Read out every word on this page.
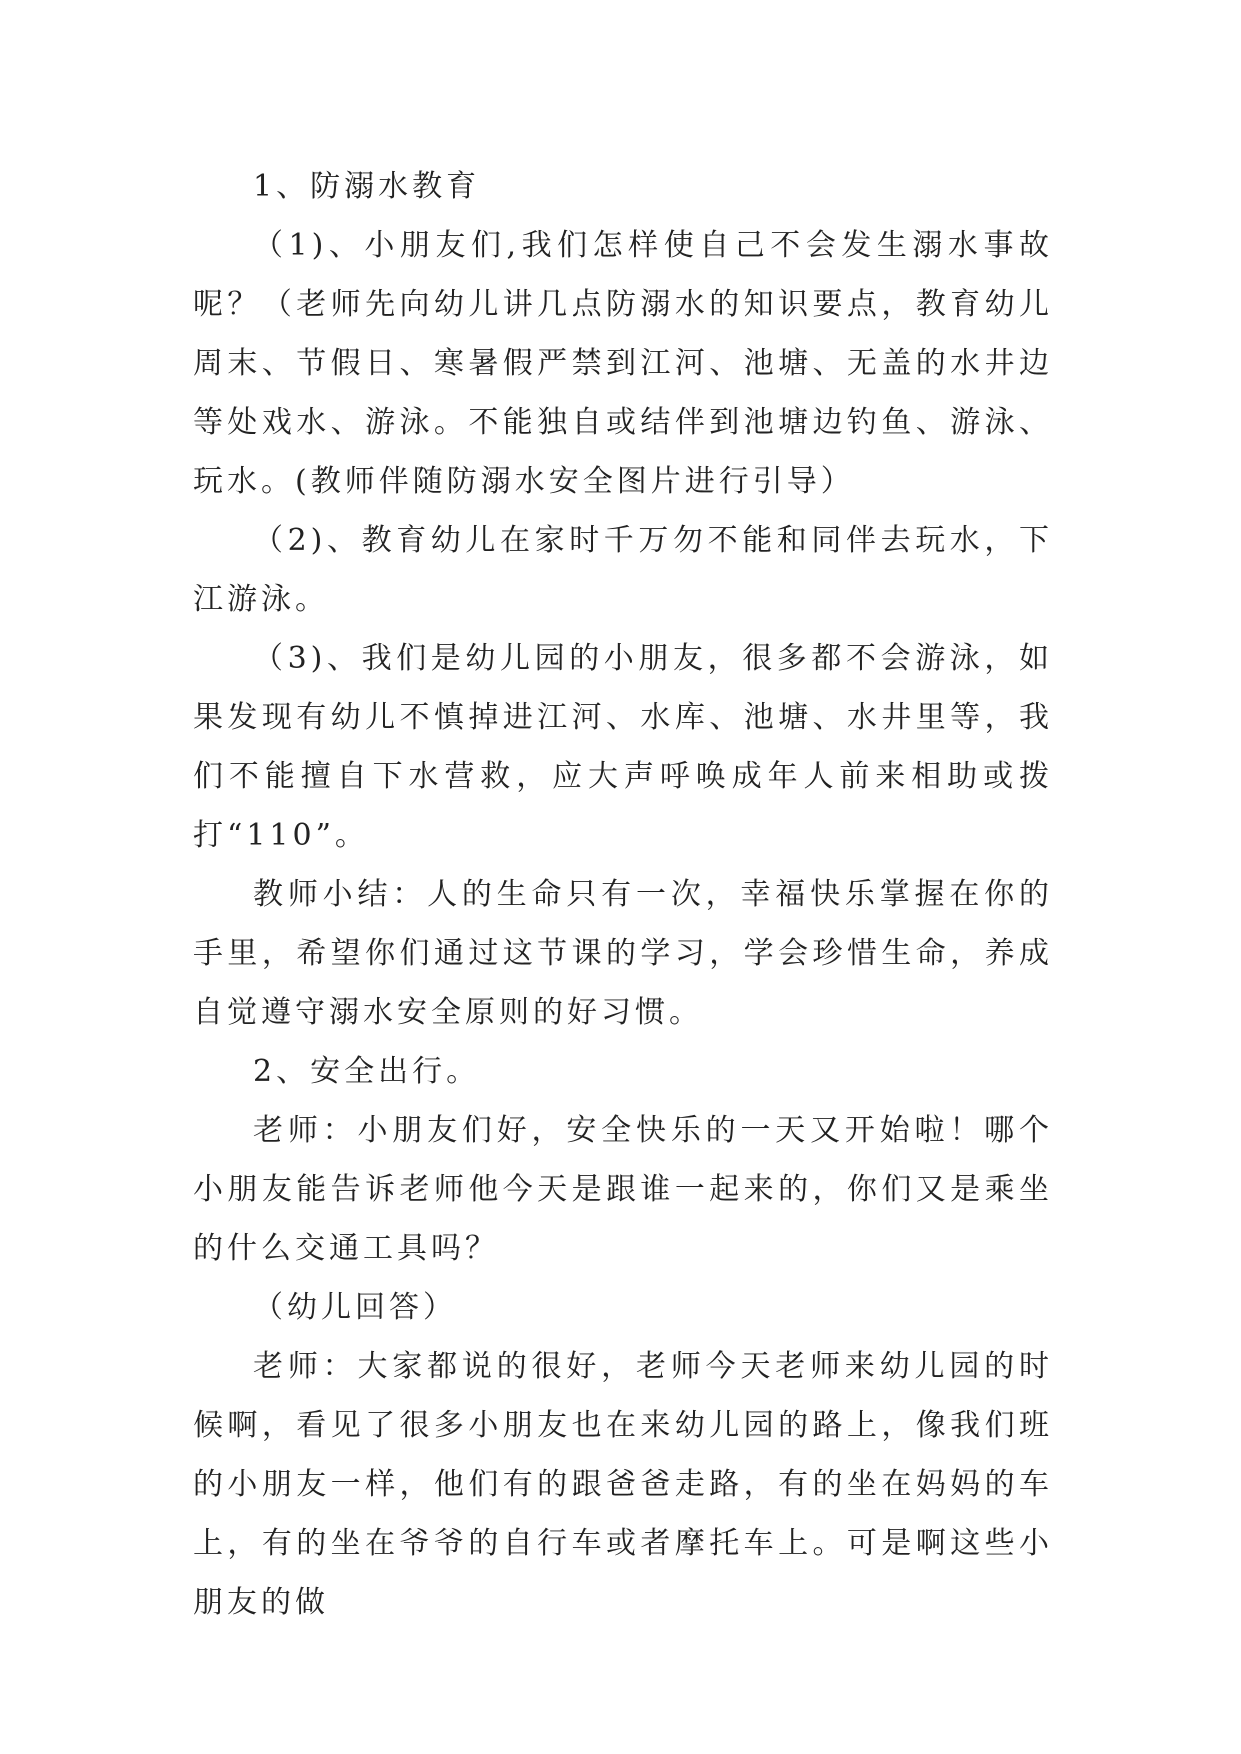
1、防溺水教育

（1)、小朋友们,我们怎样使自己不会发生溺水事故呢？（老师先向幼儿讲几点防溺水的知识要点，教育幼儿周末、节假日、寒暑假严禁到江河、池塘、无盖的水井边等处戏水、游泳。不能独自或结伴到池塘边钓鱼、游泳、玩水。(教师伴随防溺水安全图片进行引导）

（2)、教育幼儿在家时千万勿不能和同伴去玩水，下江游泳。

（3)、我们是幼儿园的小朋友，很多都不会游泳，如果发现有幼儿不慎掉进江河、水库、池塘、水井里等，我们不能擅自下水营救，应大声呼唤成年人前来相助或拨打“110”。

教师小结：人的生命只有一次，幸福快乐掌握在你的手里，希望你们通过这节课的学习，学会珍惜生命，养成自觉遵守溺水安全原则的好习惯。

2、安全出行。

老师：小朋友们好，安全快乐的一天又开始啦！哪个小朋友能告诉老师他今天是跟谁一起来的，你们又是乘坐的什么交通工具吗？

（幼儿回答）

老师：大家都说的很好，老师今天老师来幼儿园的时候啊，看见了很多小朋友也在来幼儿园的路上，像我们班的小朋友一样，他们有的跟爸爸走路，有的坐在妈妈的车上，有的坐在爷爷的自行车或者摩托车上。可是啊这些小朋友的做
